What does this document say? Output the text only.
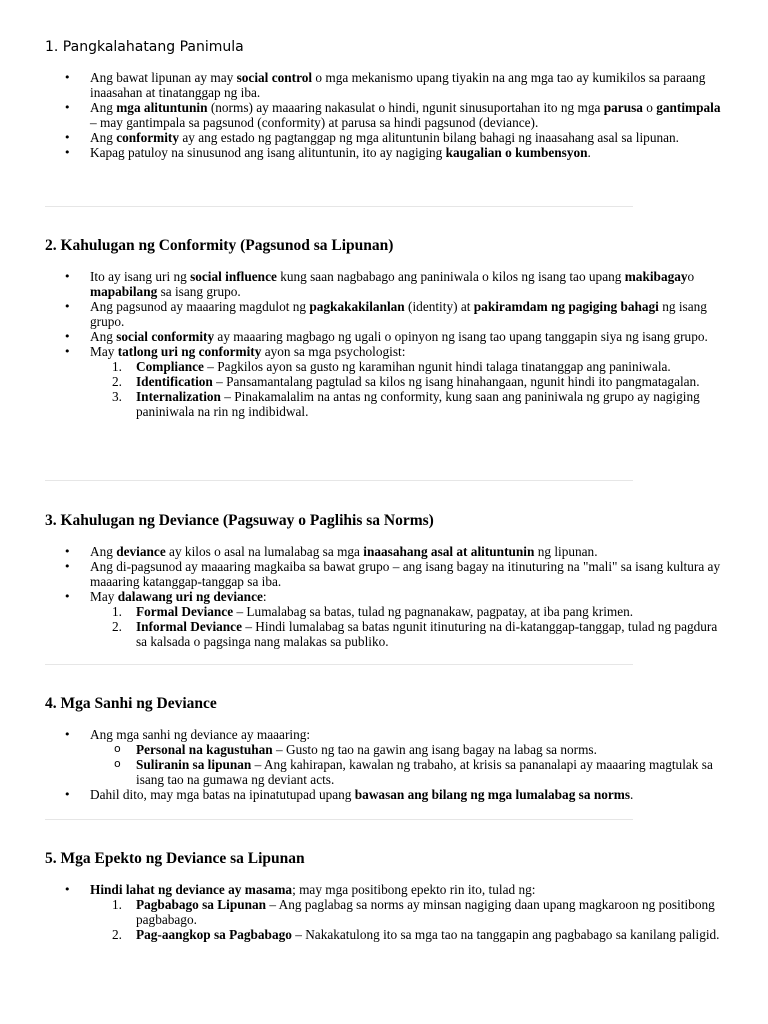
1. Pangkalahatang Panimula
• Ang bawat lipunan ay may social control o mga mekanismo upang tiyakin na ang mga tao ay kumikilos sa paraang inaasahan at tinatanggap ng iba.
• Ang mga alituntunin (norms) ay maaaring nakasulat o hindi, ngunit sinusuportahan ito ng mga parusa o gantimpala – may gantimpala sa pagsunod (conformity) at parusa sa hindi pagsunod (deviance).
• Ang conformity ay ang estado ng pagtanggap ng mga alituntunin bilang bahagi ng inaasahang asal sa lipunan.
• Kapag patuloy na sinusunod ang isang alituntunin, ito ay nagiging kaugalian o kumbensyon.
2. Kahulugan ng Conformity (Pagsunod sa Lipunan)
• Ito ay isang uri ng social influence kung saan nagbabago ang paniniwala o kilos ng isang tao upang makibagayo mapabilang sa isang grupo.
• Ang pagsunod ay maaaring magdulot ng pagkakakilanlan (identity) at pakiramdam ng pagiging bahagi ng isang grupo.
• Ang social conformity ay maaaring magbago ng ugali o opinyon ng isang tao upang tanggapin siya ng isang grupo.
• May tatlong uri ng conformity ayon sa mga psychologist:
1. Compliance – Pagkilos ayon sa gusto ng karamihan ngunit hindi talaga tinatanggap ang paniniwala.
2. Identification – Pansamantalang pagtulad sa kilos ng isang hinahangaan, ngunit hindi ito pangmatagalan.
3. Internalization – Pinakamalalim na antas ng conformity, kung saan ang paniniwala ng grupo ay nagiging paniniwala na rin ng indibidwal.
3. Kahulugan ng Deviance (Pagsuway o Paglihis sa Norms)
• Ang deviance ay kilos o asal na lumalabag sa mga inaasahang asal at alituntunin ng lipunan.
• Ang di-pagsunod ay maaaring magkaiba sa bawat grupo – ang isang bagay na itinuturing na "mali" sa isang kultura ay maaaring katanggap-tanggap sa iba.
• May dalawang uri ng deviance:
1. Formal Deviance – Lumalabag sa batas, tulad ng pagnanakaw, pagpatay, at iba pang krimen.
2. Informal Deviance – Hindi lumalabag sa batas ngunit itinuturing na di-katanggap-tanggap, tulad ng pagdura sa kalsada o pagsinga nang malakas sa publiko.
4. Mga Sanhi ng Deviance
• Ang mga sanhi ng deviance ay maaaring:
o Personal na kagustuhan – Gusto ng tao na gawin ang isang bagay na labag sa norms.
o Suliranin sa lipunan – Ang kahirapan, kawalan ng trabaho, at krisis sa pananalapi ay maaaring magtulak sa isang tao na gumawa ng deviant acts.
• Dahil dito, may mga batas na ipinatutupad upang bawasan ang bilang ng mga lumalabag sa norms.
5. Mga Epekto ng Deviance sa Lipunan
• Hindi lahat ng deviance ay masama; may mga positibong epekto rin ito, tulad ng:
1. Pagbabago sa Lipunan – Ang paglabag sa norms ay minsan nagiging daan upang magkaroon ng positibong pagbabago.
2. Pag-aangkop sa Pagbabago – Nakakatulong ito sa mga tao na tanggapin ang pagbabago sa kanilang paligid.
